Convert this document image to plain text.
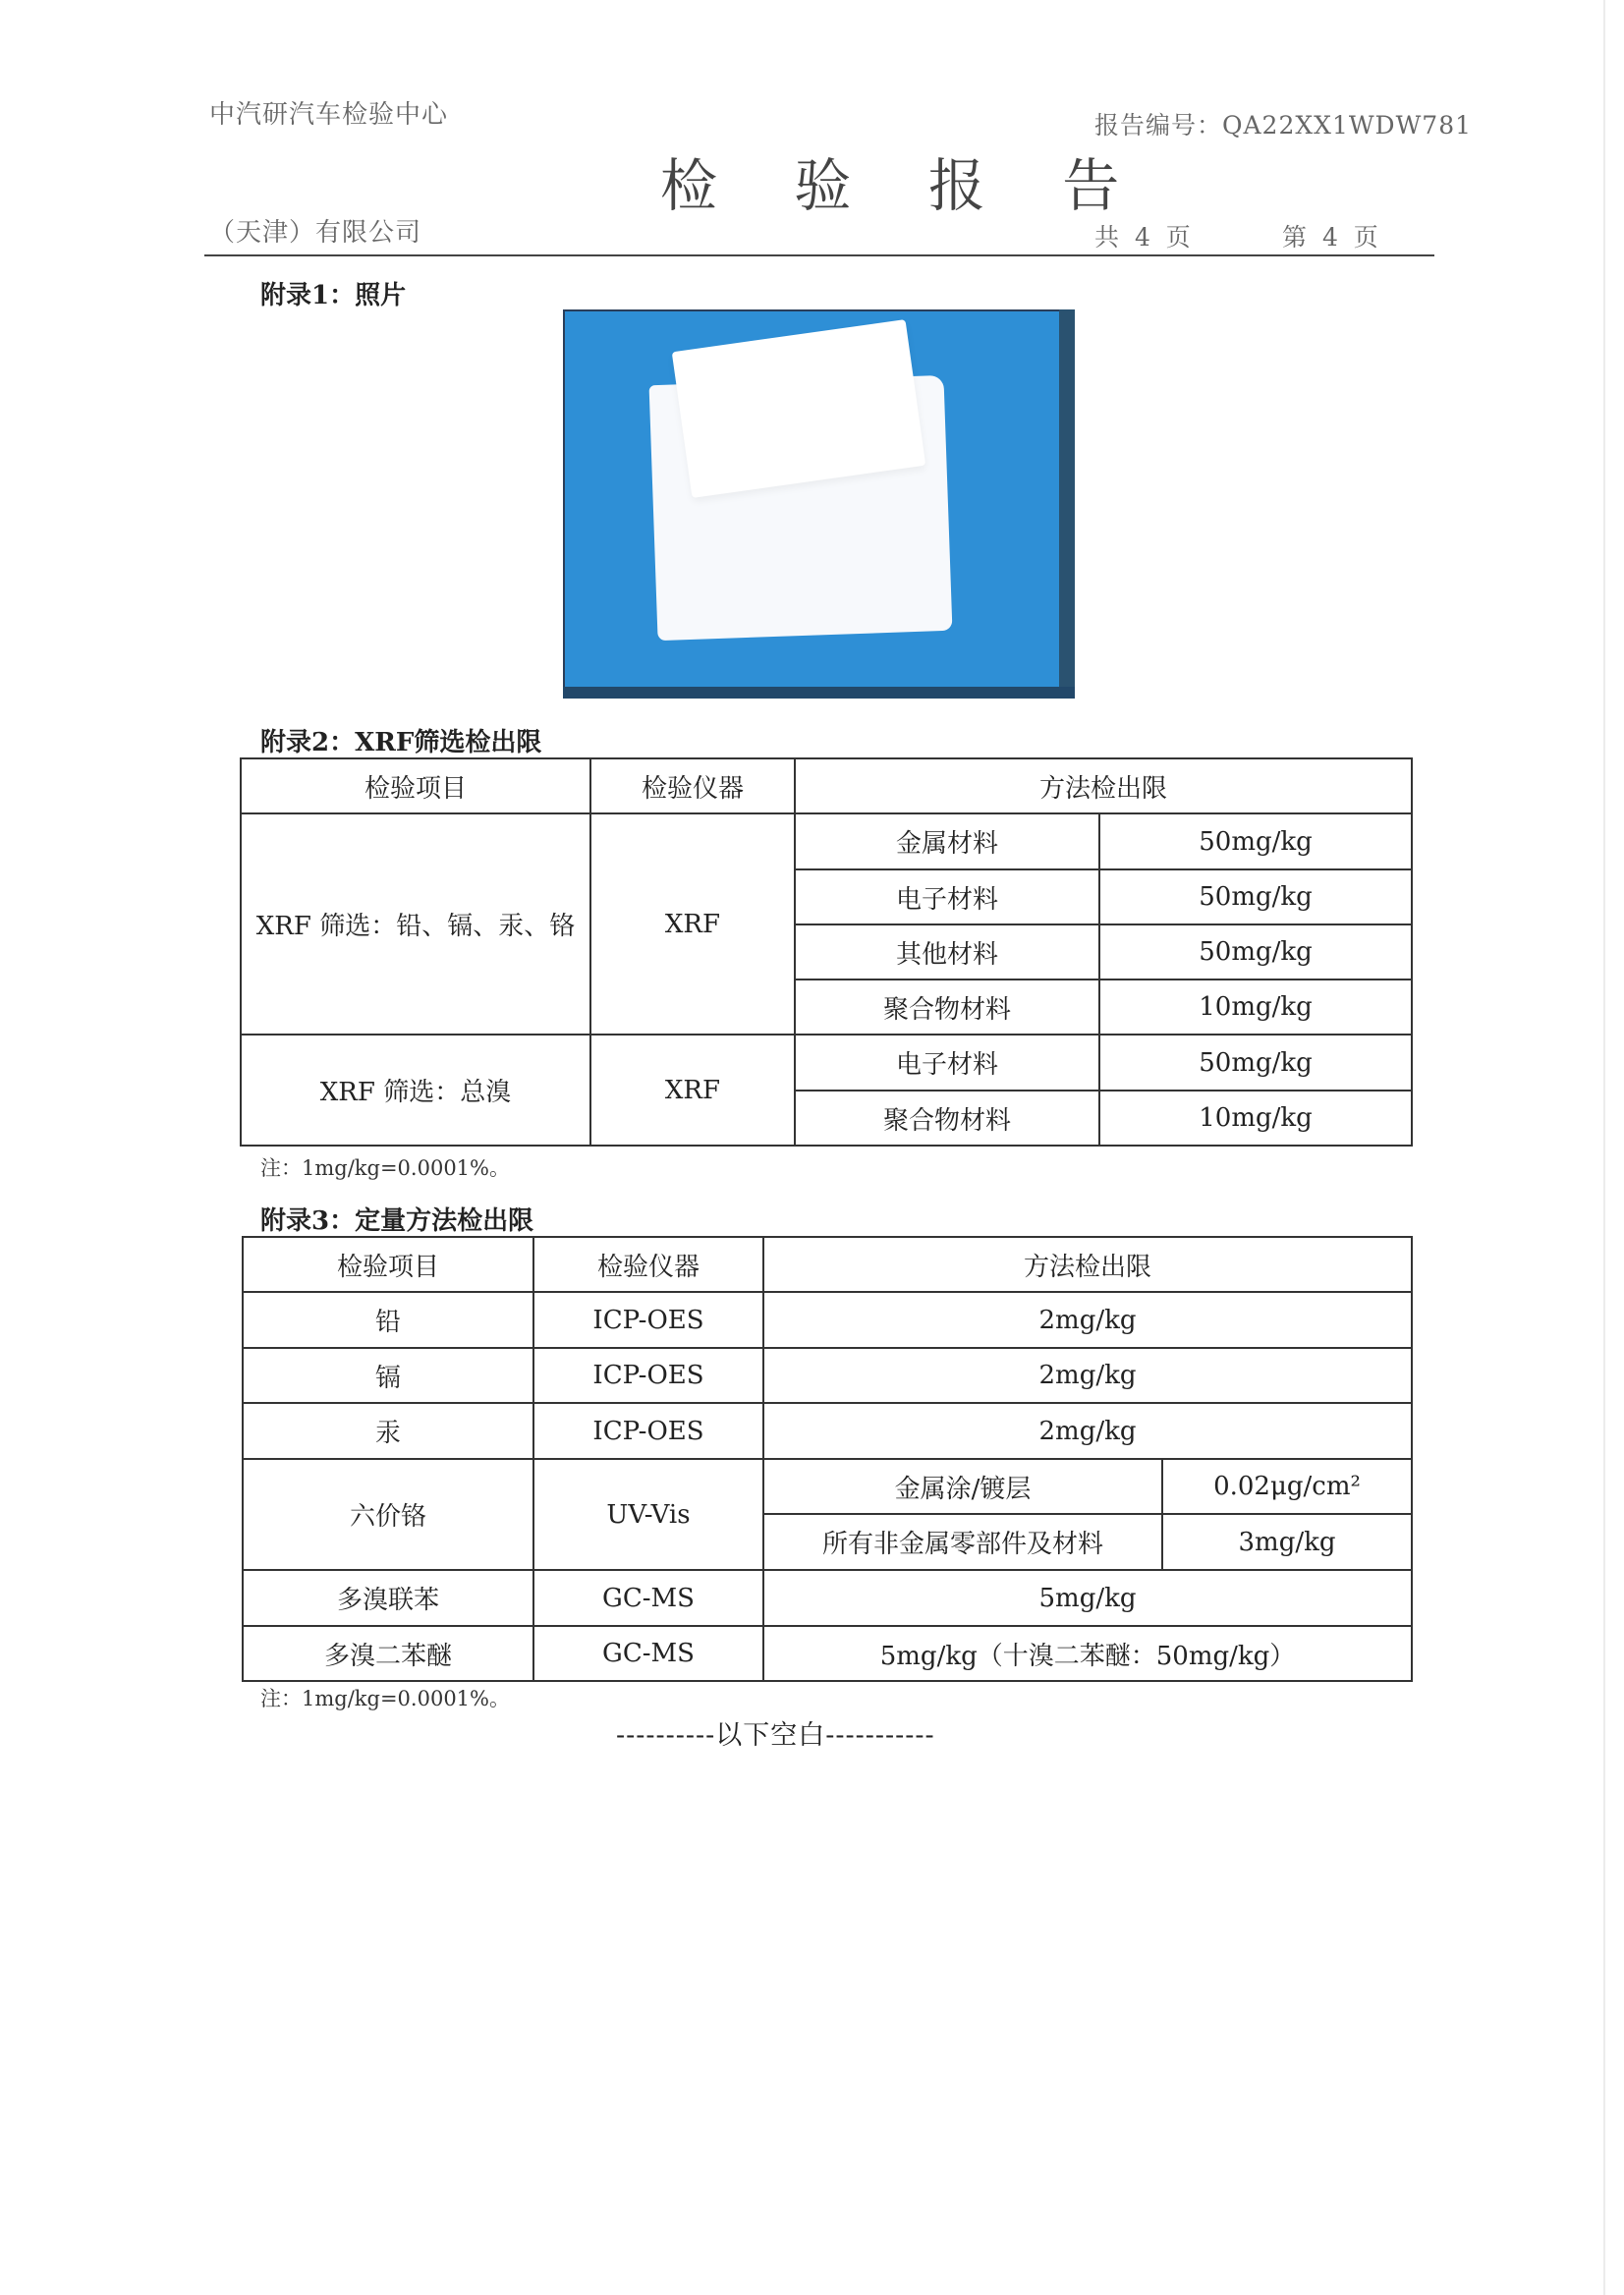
中汽研汽车检验中心
（天津）有限公司
报告编号：QA22XX1WDW781
检 验 报 告
共 4 页	第 4 页
附录1：照片
附录2：XRF筛选检出限
检验项目	检验仪器	方法检出限	
XRF 筛选：铅、镉、汞、铬	XRF	金属材料	50mg/kg
		电子材料	50mg/kg
		其他材料	50mg/kg
		聚合物材料	10mg/kg
XRF 筛选：总溴	XRF	电子材料	50mg/kg
		聚合物材料	10mg/kg
注：1mg/kg=0.0001%。
附录3：定量方法检出限
检验项目	检验仪器	方法检出限	
铅	ICP-OES	2mg/kg	
镉	ICP-OES	2mg/kg	
汞	ICP-OES	2mg/kg	
六价铬	UV-Vis	金属涂/镀层	0.02μg/cm²
		所有非金属零部件及材料	3mg/kg
多溴联苯	GC-MS	5mg/kg	
多溴二苯醚	GC-MS	5mg/kg（十溴二苯醚：50mg/kg）	
注：1mg/kg=0.0001%。
----------以下空白-----------
